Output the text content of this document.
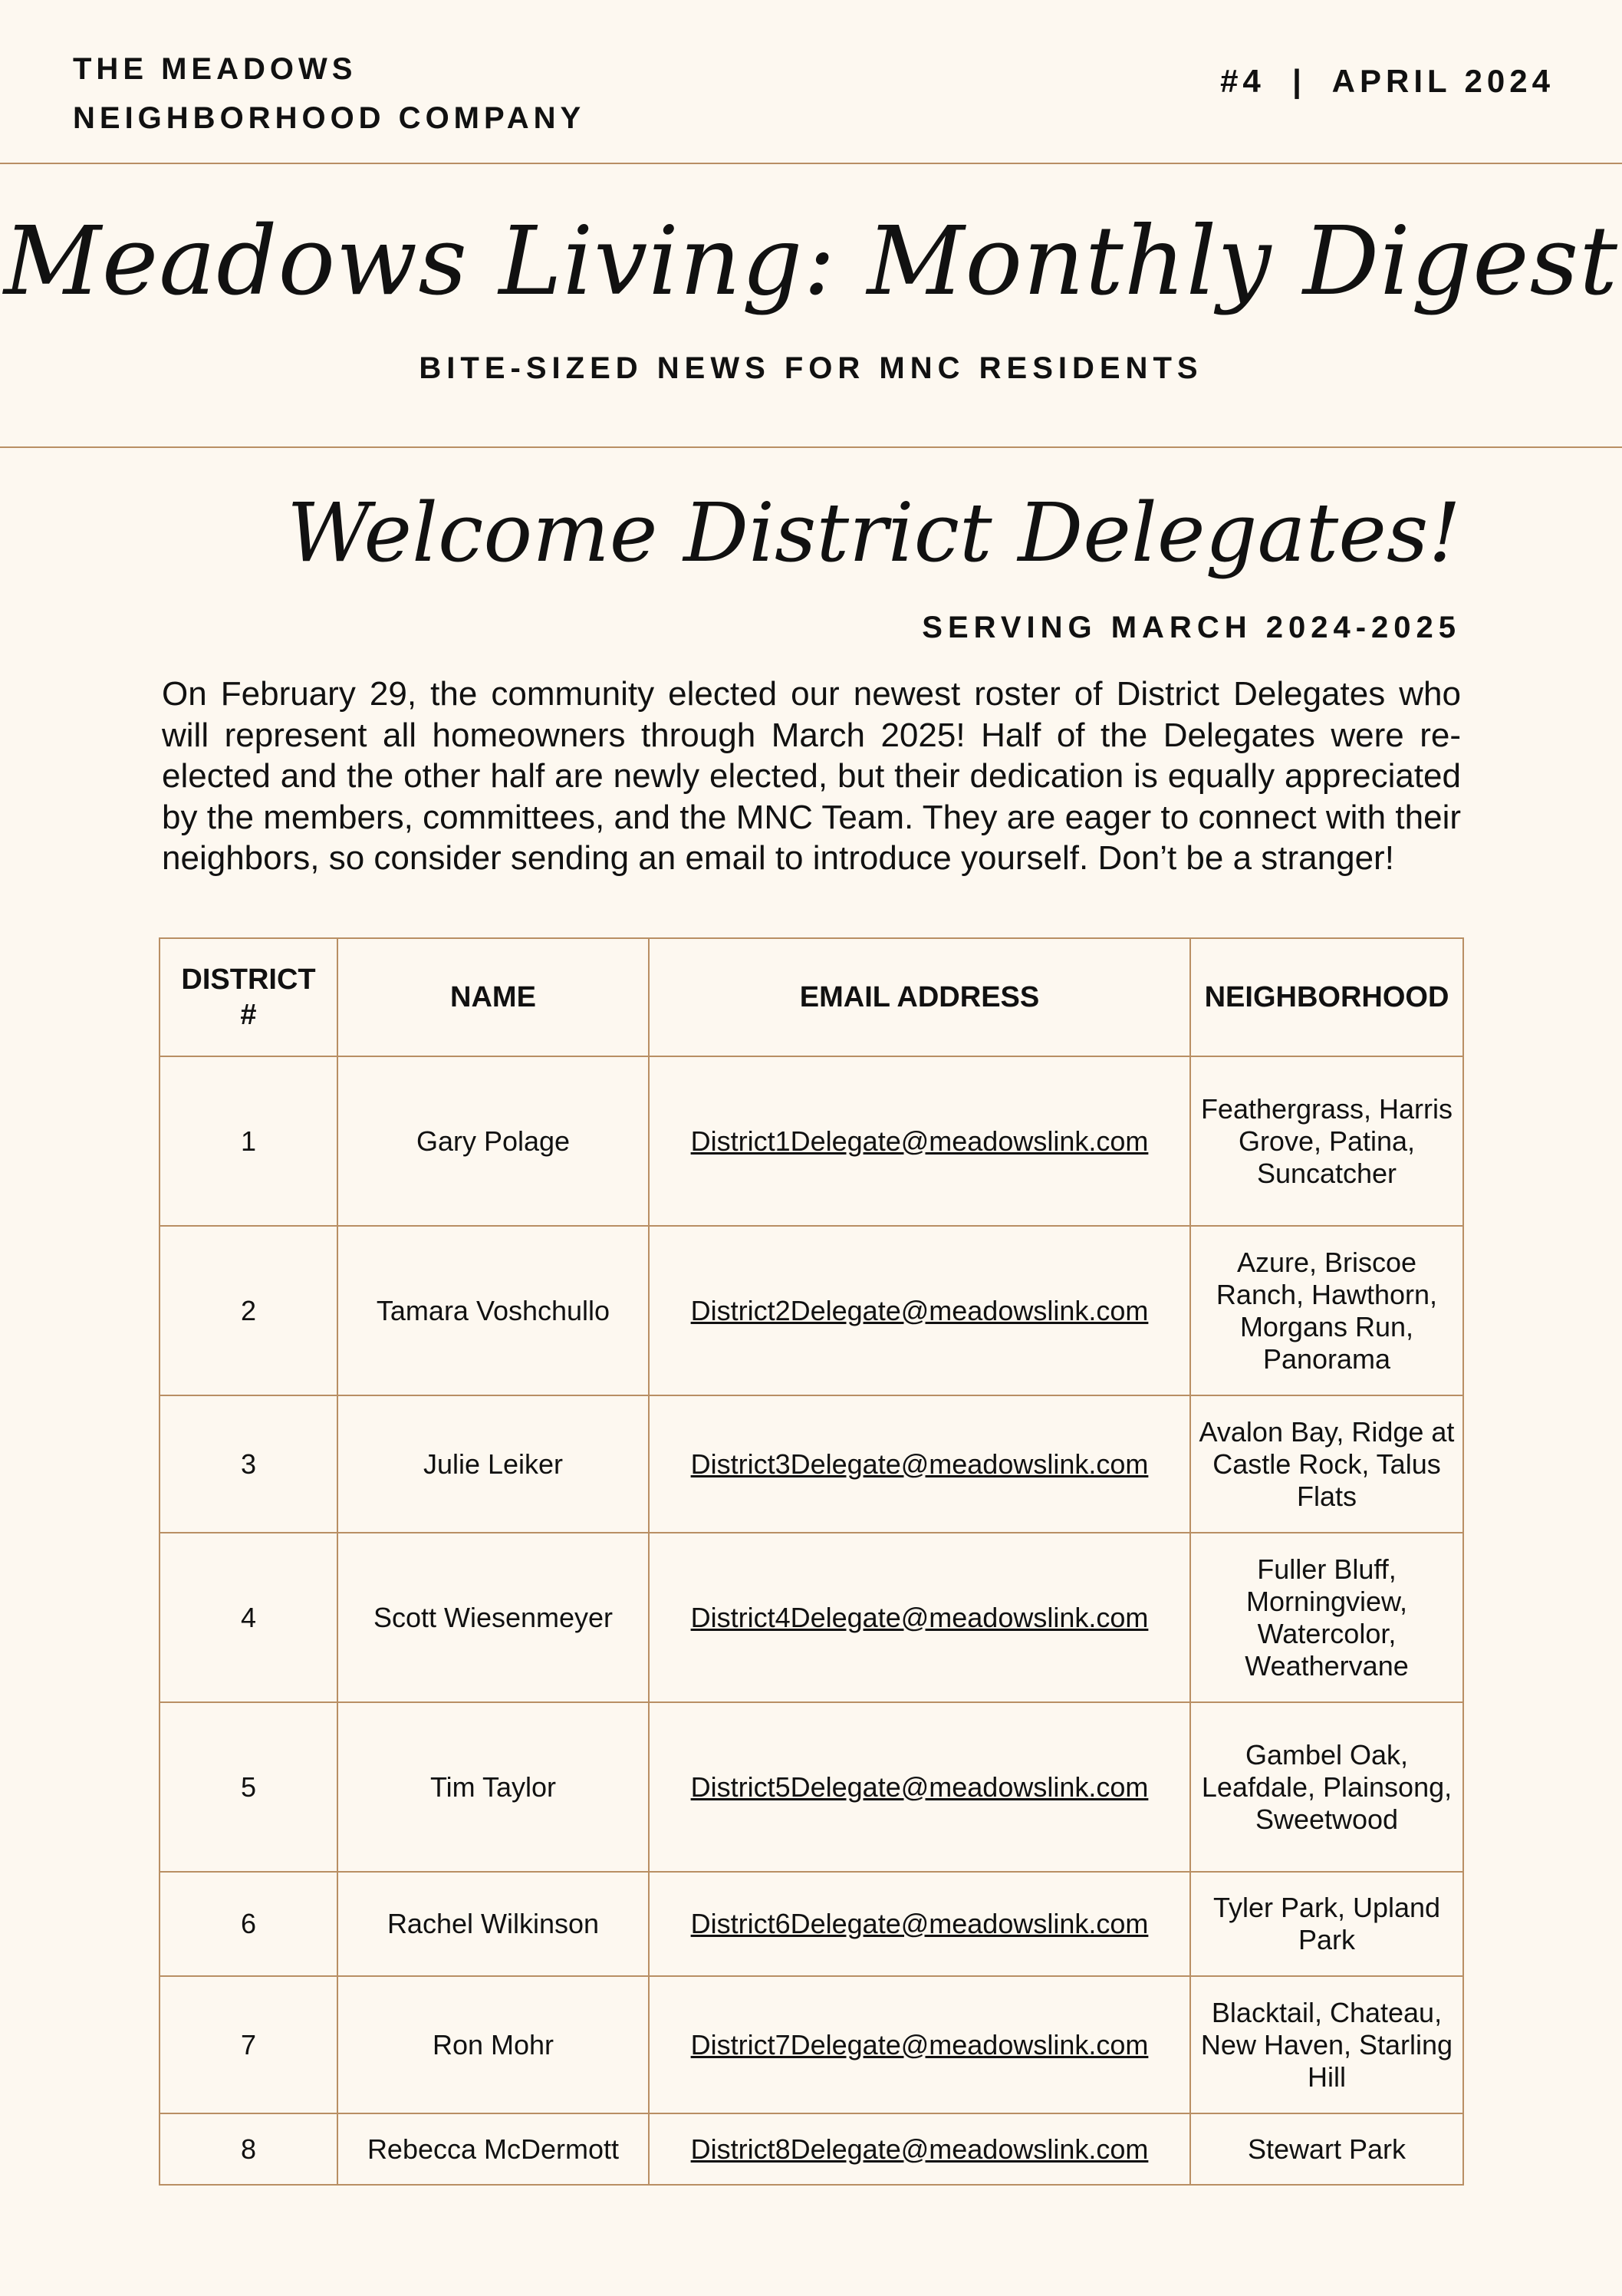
THE MEADOWS
NEIGHBORHOOD COMPANY
#4  |  APRIL 2024
Meadows Living: Monthly Digest
BITE-SIZED NEWS FOR MNC RESIDENTS
Welcome District Delegates!
SERVING MARCH 2024-2025
On February 29, the community elected our newest roster of District Delegates who will represent all homeowners through March 2025! Half of the Delegates were re-elected and the other half are newly elected, but their dedication is equally appreciated by the members, committees, and the MNC Team. They are eager to connect with their neighbors, so consider sending an email to introduce yourself. Don’t be a stranger!
DISTRICT #	NAME	EMAIL ADDRESS	NEIGHBORHOOD
1	Gary Polage	District1Delegate@meadowslink.com	Feathergrass, Harris Grove, Patina, Suncatcher
2	Tamara Voshchullo	District2Delegate@meadowslink.com	Azure, Briscoe Ranch, Hawthorn, Morgans Run, Panorama
3	Julie Leiker	District3Delegate@meadowslink.com	Avalon Bay, Ridge at Castle Rock, Talus Flats
4	Scott Wiesenmeyer	District4Delegate@meadowslink.com	Fuller Bluff, Morningview, Watercolor, Weathervane
5	Tim Taylor	District5Delegate@meadowslink.com	Gambel Oak, Leafdale, Plainsong, Sweetwood
6	Rachel Wilkinson	District6Delegate@meadowslink.com	Tyler Park, Upland Park
7	Ron Mohr	District7Delegate@meadowslink.com	Blacktail, Chateau, New Haven, Starling Hill
8	Rebecca McDermott	District8Delegate@meadowslink.com	Stewart Park
